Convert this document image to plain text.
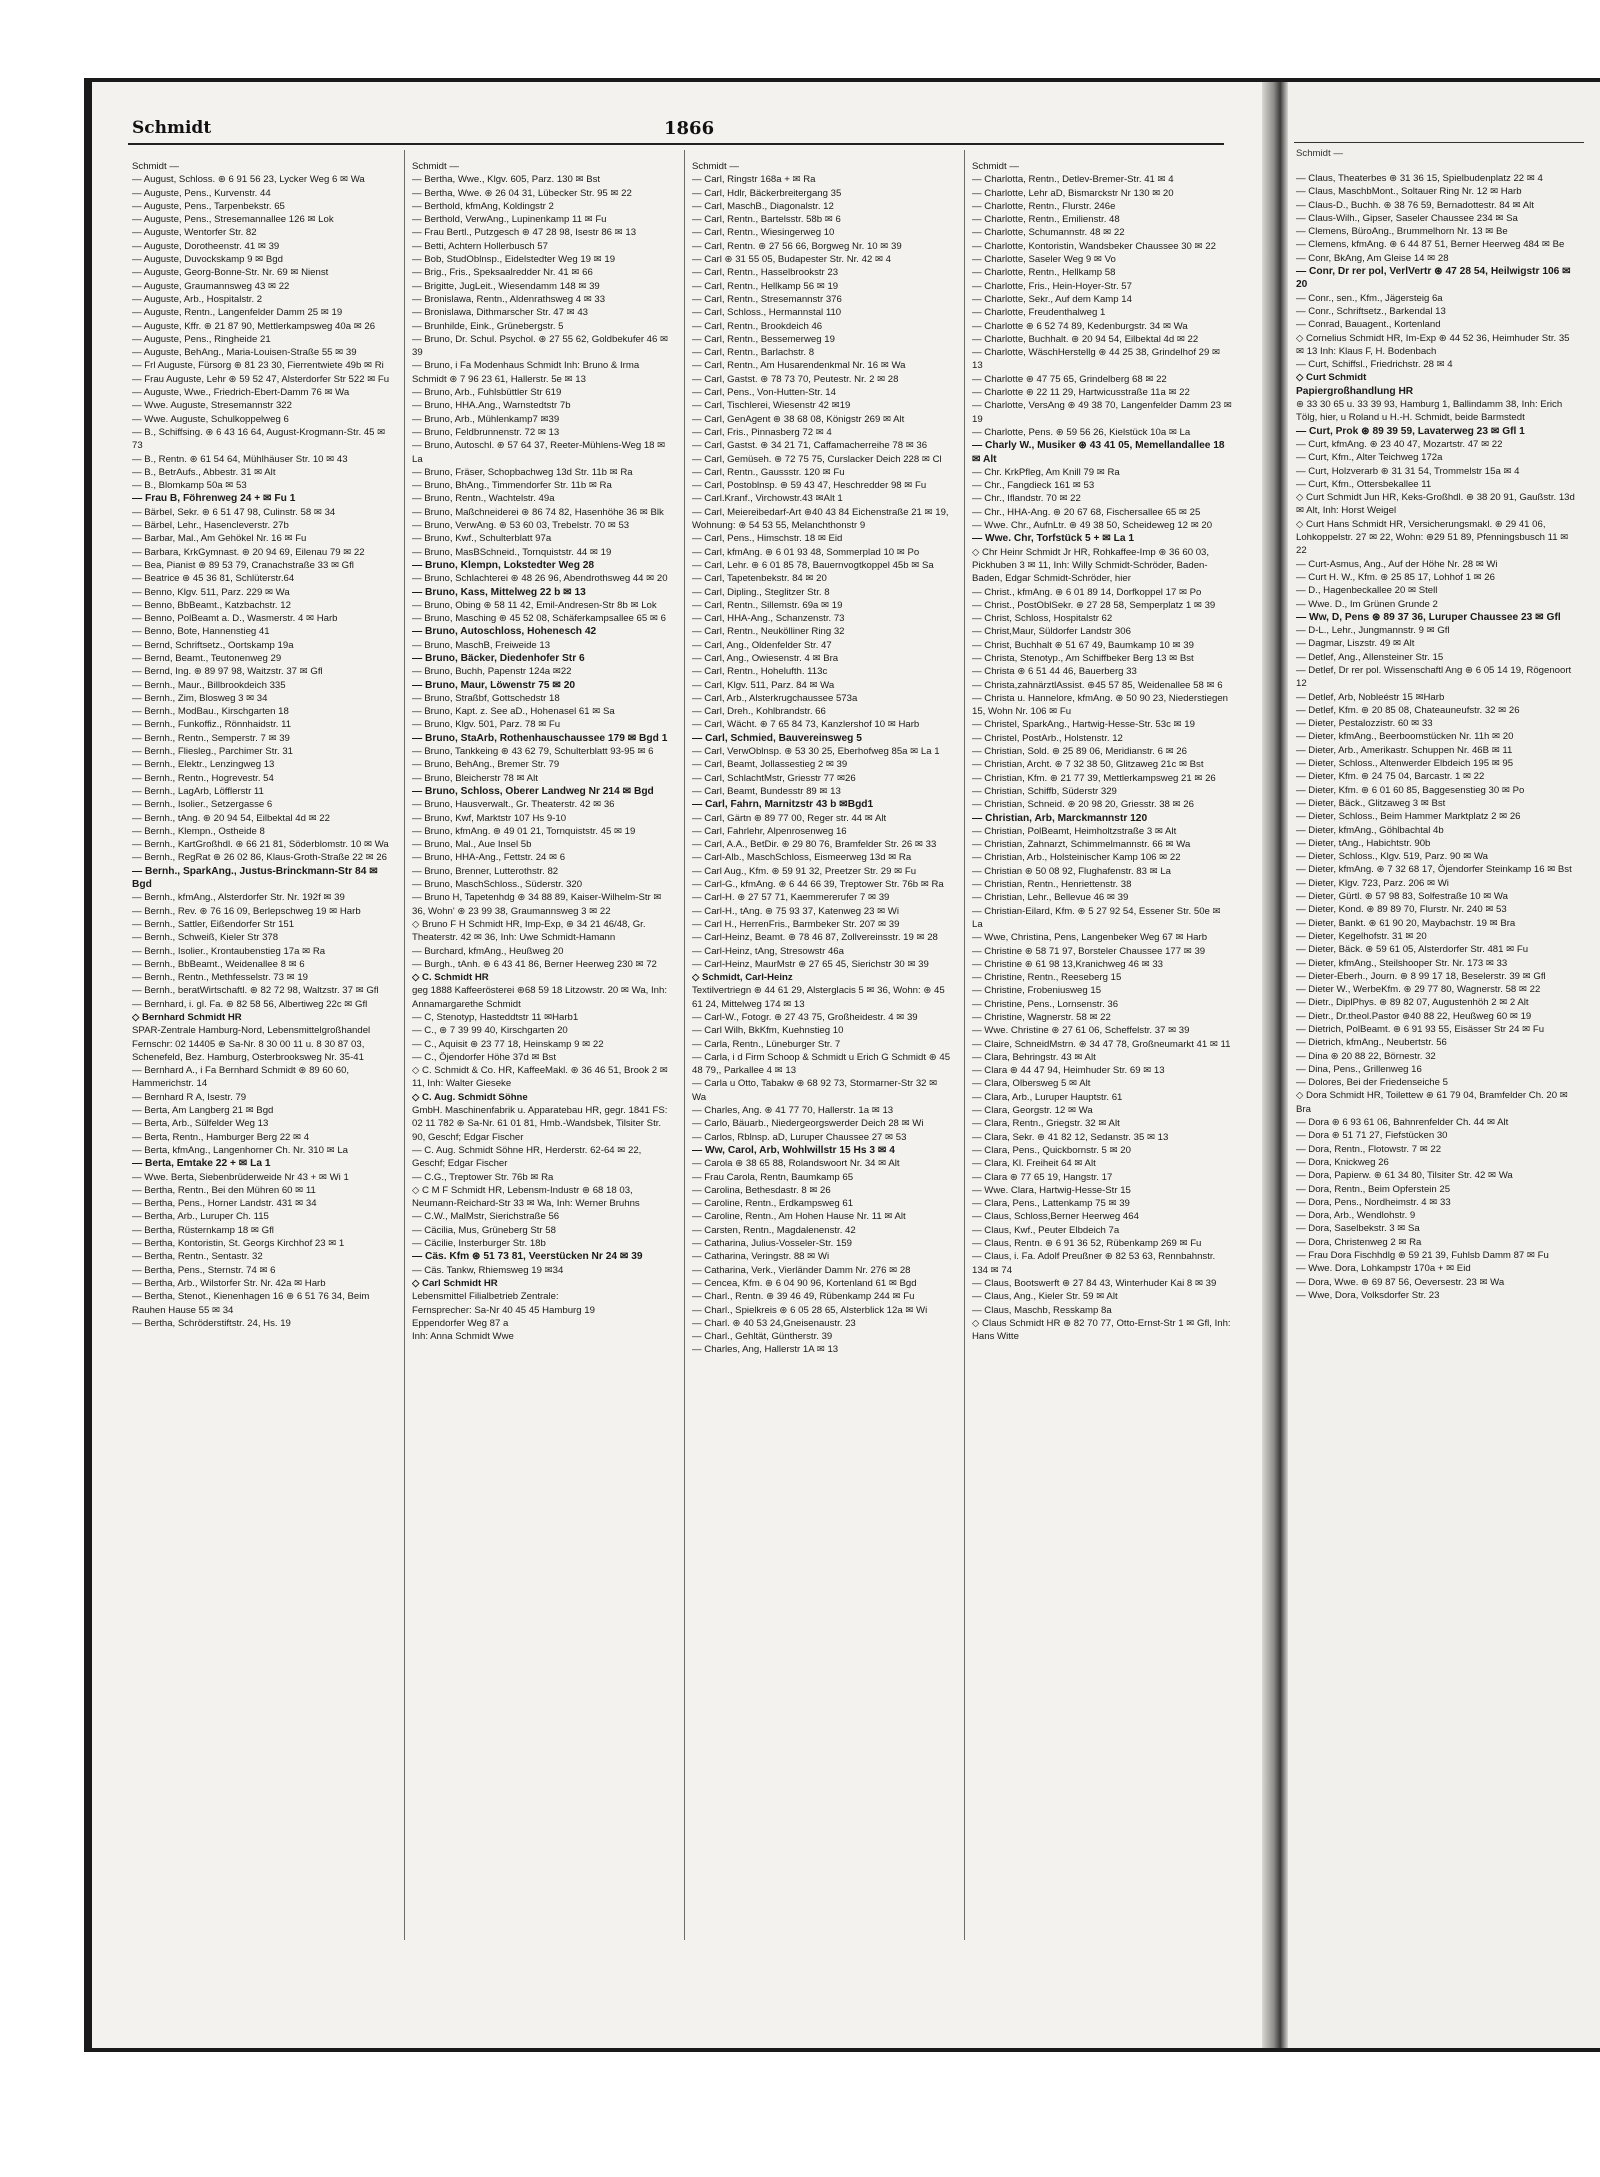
Schmidt	1866
Schmidt —
Schmidt —
— August, Schloss. ⊛ 6 91 56 23, Lycker Weg 6 ✉ Wa
— Auguste, Pens., Kurvenstr. 44
— Auguste, Pens., Tarpenbekstr. 65
— Auguste, Pens., Stresemannallee 126 ✉ Lok
— Auguste, Wentorfer Str. 82
— Auguste, Dorotheenstr. 41 ✉ 39
— Auguste, Duvockskamp 9 ✉ Bgd
— Auguste, Georg-Bonne-Str. Nr. 69 ✉ Nienst
— Auguste, Graumannsweg 43 ✉ 22
— Auguste, Arb., Hospitalstr. 2
— Auguste, Rentn., Langenfelder Damm 25 ✉ 19
— Auguste, Kffr. ⊛ 21 87 90, Mettlerkampsweg 40a ✉ 26
— Auguste, Pens., Ringheide 21
— Auguste, BehAng., Maria-Louisen-Straße 55 ✉ 39
— Frl Auguste, Fürsorg ⊛ 81 23 30, Fierrentwiete 49b ✉ Ri
— Frau Auguste, Lehr ⊛ 59 52 47, Alsterdorfer Str 522 ✉ Fu
— Auguste, Wwe., Friedrich-Ebert-Damm 76 ✉ Wa
— Wwe. Auguste, Stresemannstr 322
— Wwe. Auguste, Schulkoppelweg 6
— B., Schiffsing. ⊛ 6 43 16 64, August-Krogmann-Str. 45 ✉ 73
— B., Rentn. ⊛ 61 54 64, Mühlhäuser Str. 10 ✉ 43
— B., BetrAufs., Abbestr. 31 ✉ Alt
— B., Blomkamp 50a ✉ 53
— Frau B, Föhrenweg 24 + ✉ Fu 1
— Bärbel, Sekr. ⊛ 6 51 47 98, Culinstr. 58 ✉ 34
— Bärbel, Lehr., Hasencleverstr. 27b
— Barbar, Mal., Am Gehökel Nr. 16 ✉ Fu
— Barbara, KrkGymnast. ⊛ 20 94 69, Eilenau 79 ✉ 22
— Bea, Pianist ⊛ 89 53 79, Cranachstraße 33 ✉ Gfl
— Beatrice ⊛ 45 36 81, Schlüterstr.64
— Benno, Klgv. 511, Parz. 229 ✉ Wa
— Benno, BbBeamt., Katzbachstr. 12
— Benno, PolBeamt a. D., Wasmerstr. 4 ✉ Harb
— Benno, Bote, Hannenstieg 41
— Bernd, Schriftsetz., Oortskamp 19a
— Bernd, Beamt., Teutonenweg 29
— Bernd, Ing. ⊛ 89 97 98, Waitzstr. 37 ✉ Gfl
— Bernh., Maur., Billbrookdeich 335
— Bernh., Zim, Blosweg 3 ✉ 34
— Bernh., ModBau., Kirschgarten 18
— Bernh., Funkoffiz., Rönnhaidstr. 11
— Bernh., Rentn., Semperstr. 7 ✉ 39
— Bernh., Fliesleg., Parchimer Str. 31
— Bernh., Elektr., Lenzingweg 13
— Bernh., Rentn., Hogrevestr. 54
— Bernh., LagArb, Löfflerstr 11
— Bernh., Isolier., Setzergasse 6
— Bernh., tAng. ⊛ 20 94 54, Eilbektal 4d ✉ 22
— Bernh., Klempn., Ostheide 8
— Bernh., KartGroßhdl. ⊛ 66 21 81, Söderblomstr. 10 ✉ Wa
— Bernh., RegRat ⊛ 26 02 86, Klaus-Groth-Straße 22 ✉ 26
— Bernh., SparkAng., Justus-Brinckmann-Str 84 ✉ Bgd
— Bernh., kfmAng., Alsterdorfer Str. Nr. 192f ✉ 39
— Bernh., Rev. ⊛ 76 16 09, Berlepschweg 19 ✉ Harb
— Bernh., Sattler, Eißendorfer Str 151
— Bernh., Schweiß, Kieler Str 378
— Bernh., Isolier., Krontaubenstieg 17a ✉ Ra
— Bernh., BbBeamt., Weidenallee 8 ✉ 6
— Bernh., Rentn., Methfesselstr. 73 ✉ 19
— Bernh., beratWirtschaftl. ⊛ 82 72 98, Waltzstr. 37 ✉ Gfl
— Bernhard, i. gl. Fa. ⊛ 82 58 56, Albertiweg 22c ✉ Gfl
◇ Bernhard Schmidt HR
SPAR-Zentrale Hamburg-Nord, Lebensmittelgroßhandel
Fernschr: 02 14405 ⊛ Sa-Nr. 8 30 00 11 u. 8 30 87 03, Schenefeld, Bez. Hamburg, Osterbrooksweg Nr. 35-41
— Bernhard A., i Fa Bernhard Schmidt ⊛ 89 60 60, Hammerichstr. 14
— Bernhard R A, Isestr. 79
— Berta, Am Langberg 21 ✉ Bgd
— Berta, Arb., Sülfelder Weg 13
— Berta, Rentn., Hamburger Berg 22 ✉ 4
— Berta, kfmAng., Langenhorner Ch. Nr. 310 ✉ La
— Berta, Emtake 22 + ✉ La 1
— Wwe. Berta, Siebenbrüderweide Nr 43 + ✉ Wi 1
— Bertha, Rentn., Bei den Mühren 60 ✉ 11
— Bertha, Pens., Horner Landstr. 431 ✉ 34
— Bertha, Arb., Luruper Ch. 115
— Bertha, Rüsternkamp 18 ✉ Gfl
— Bertha, Kontoristin, St. Georgs Kirchhof 23 ✉ 1
— Bertha, Rentn., Sentastr. 32
— Bertha, Pens., Sternstr. 74 ✉ 6
— Bertha, Arb., Wilstorfer Str. Nr. 42a ✉ Harb
— Bertha, Stenot., Kienenhagen 16 ⊛ 6 51 76 34, Beim Rauhen Hause 55 ✉ 34
— Bertha, Schröderstiftstr. 24, Hs. 19
Schmidt —
— Bertha, Wwe., Klgv. 605, Parz. 130 ✉ Bst
— Bertha, Wwe. ⊛ 26 04 31, Lübecker Str. 95 ✉ 22
— Berthold, kfmAng, Koldingstr 2
— Berthold, VerwAng., Lupinenkamp 11 ✉ Fu
— Frau Bertl., Putzgesch ⊛ 47 28 98, Isestr 86 ✉ 13
— Betti, Achtern Hollerbusch 57
— Bob, StudOblnsp., Eidelstedter Weg 19 ✉ 19
— Brig., Fris., Speksaalredder Nr. 41 ✉ 66
— Brigitte, JugLeit., Wiesendamm 148 ✉ 39
— Bronislawa, Rentn., Aldenrathsweg 4 ✉ 33
— Bronislawa, Dithmarscher Str. 47 ✉ 43
— Brunhilde, Eink., Grünebergstr. 5
— Bruno, Dr. Schul. Psychol. ⊛ 27 55 62, Goldbekufer 46 ✉ 39
— Bruno, i Fa Modenhaus Schmidt Inh: Bruno & Irma Schmidt ⊛ 7 96 23 61, Hallerstr. 5e ✉ 13
— Bruno, Arb., Fuhlsbüttler Str 619
— Bruno, HHA.Ang., Warnstedtstr 7b
— Bruno, Arb., Mühlenkamp7 ✉39
— Bruno, Feldbrunnenstr. 72 ✉ 13
— Bruno, Autoschl. ⊛ 57 64 37, Reeter-Mühlens-Weg 18 ✉ La
— Bruno, Fräser, Schopbachweg 13d Str. 11b ✉ Ra
— Bruno, BhAng., Timmendorfer Str. 11b ✉ Ra
— Bruno, Rentn., Wachtelstr. 49a
— Bruno, Maßchneiderei ⊛ 86 74 82, Hasenhöhe 36 ✉ Blk
— Bruno, VerwAng. ⊛ 53 60 03, Trebelstr. 70 ✉ 53
— Bruno, Kwf., Schulterblatt 97a
— Bruno, MasBSchneid., Tornquiststr. 44 ✉ 19
— Bruno, Klempn, Lokstedter Weg 28
— Bruno, Schlachterei ⊛ 48 26 96, Abendrothsweg 44 ✉ 20
— Bruno, Kass, Mittelweg 22 b ✉ 13
— Bruno, Obing ⊛ 58 11 42, Emil-Andresen-Str 8b ✉ Lok
— Bruno, Masching ⊛ 45 52 08, Schäferkampsallee 65 ✉ 6
— Bruno, Autoschloss, Hohenesch 42
— Bruno, MaschB, Freiweide 13
— Bruno, Bäcker, Diedenhofer Str 6
— Bruno, Buchh, Papenstr 124a ✉22
— Bruno, Maur, Löwenstr 75 ✉ 20
— Bruno, Straßbf, Gottschedstr 18
— Bruno, Kapt. z. See aD., Hohenasel 61 ✉ Sa
— Bruno, Klgv. 501, Parz. 78 ✉ Fu
— Bruno, StaArb, Rothenhauschaussee 179 ✉ Bgd 1
— Bruno, Tankkeing ⊛ 43 62 79, Schulterblatt 93-95 ✉ 6
— Bruno, BehAng., Bremer Str. 79
— Bruno, Bleicherstr 78 ✉ Alt
— Bruno, Schloss, Oberer Landweg Nr 214 ✉ Bgd
— Bruno, Hausverwalt., Gr. Theaterstr. 42 ✉ 36
— Bruno, Kwf, Marktstr 107 Hs 9-10
— Bruno, kfmAng. ⊛ 49 01 21, Tornquiststr. 45 ✉ 19
— Bruno, Mal., Aue Insel 5b
— Bruno, HHA-Ang., Fettstr. 24 ✉ 6
— Bruno, Brenner, Lutterothstr. 82
— Bruno, MaschSchloss., Süderstr. 320
— Bruno H, Tapetenhdg ⊛ 34 88 89, Kaiser-Wilhelm-Str ✉ 36, Wohn' ⊛ 23 99 38, Graumannsweg 3 ✉ 22
◇ Bruno F H Schmidt HR, Imp-Exp, ⊛ 34 21 46/48, Gr. Theaterstr. 42 ✉ 36, Inh: Uwe Schmidt-Hamann
— Burchard, kfmAng., Heußweg 20
— Burgh., tAnh. ⊛ 6 43 41 86, Berner Heerweg 230 ✉ 72
◇ C. Schmidt HR
geg 1888 Kaffeerösterei ⊛68 59 18 Litzowstr. 20 ✉ Wa, Inh: Annamargarethe Schmidt
— C, Stenotyp, Hasteddtstr 11 ✉Harb1
— C., ⊛ 7 39 99 40, Kirschgarten 20
— C., Aquisit ⊛ 23 77 18, Heinskamp 9 ✉ 22
— C., Öjendorfer Höhe 37d ✉ Bst
◇ C. Schmidt & Co. HR, KaffeeMakl. ⊛ 36 46 51, Brook 2 ✉ 11, Inh: Walter Gieseke
◇ C. Aug. Schmidt Söhne
GmbH. Maschinenfabrik u. Apparatebau HR, gegr. 1841 FS: 02 11 782 ⊛ Sa-Nr. 61 01 81, Hmb.-Wandsbek, Tilsiter Str. 90, Geschf; Edgar Fischer
— C. Aug. Schmidt Söhne HR, Herderstr. 62-64 ✉ 22, Geschf; Edgar Fischer
— C.G., Treptower Str. 76b ✉ Ra
◇ C M F Schmidt HR, Lebensm-Industr ⊛ 68 18 03, Neumann-Reichard-Str 33 ✉ Wa, Inh: Werner Bruhns
— C.W., MalMstr, Sierichstraße 56
— Cäcilia, Mus, Grüneberg Str 58
— Cäcilie, Insterburger Str. 18b
— Cäs. Kfm ⊛ 51 73 81, Veerstücken Nr 24 ✉ 39
— Cäs. Tankw, Rhiemsweg 19 ✉34
◇ Carl Schmidt HR
Lebensmittel Filialbetrieb Zentrale:
Fernsprecher: Sa-Nr 40 45 45 Hamburg 19
Eppendorfer Weg 87 a
Inh: Anna Schmidt Wwe
Schmidt —
— Carl, Ringstr 168a + ✉ Ra
— Carl, Hdlr, Bäckerbreitergang 35
— Carl, MaschB., Diagonalstr. 12
— Carl, Rentn., Bartelsstr. 58b ✉ 6
— Carl, Rentn., Wiesingerweg 10
— Carl, Rentn. ⊛ 27 56 66, Borgweg Nr. 10 ✉ 39
— Carl ⊛ 31 55 05, Budapester Str. Nr. 42 ✉ 4
— Carl, Rentn., Hasselbrookstr 23
— Carl, Rentn., Hellkamp 56 ✉ 19
— Carl, Rentn., Stresemannstr 376
— Carl, Schloss., Hermannstal 110
— Carl, Rentn., Brookdeich 46
— Carl, Rentn., Bessemerweg 19
— Carl, Rentn., Barlachstr. 8
— Carl, Rentn., Am Husarendenkmal Nr. 16 ✉ Wa
— Carl, Gastst. ⊛ 78 73 70, Peutestr. Nr. 2 ✉ 28
— Carl, Pens., Von-Hutten-Str. 14
— Carl, Tischlerei, Wiesenstr 42 ✉19
— Carl, GenAgent ⊛ 38 68 08, Königstr 269 ✉ Alt
— Carl, Fris., Pinnasberg 72 ✉ 4
— Carl, Gastst. ⊛ 34 21 71, Caffamacherreihe 78 ✉ 36
— Carl, Gemüseh. ⊛ 72 75 75, Curslacker Deich 228 ✉ Cl
— Carl, Rentn., Gaussstr. 120 ✉ Fu
— Carl, Postoblnsp. ⊛ 59 43 47, Heschredder 98 ✉ Fu
— Carl.Kranf., Virchowstr.43 ✉Alt 1
— Carl, Meiereibedarf-Art ⊛40 43 84 Eichenstraße 21 ✉ 19, Wohnung: ⊛ 54 53 55, Melanchthonstr 9
— Carl, Pens., Himschstr. 18 ✉ Eid
— Carl, kfmAng. ⊛ 6 01 93 48, Sommerplad 10 ✉ Po
— Carl, Lehr. ⊛ 6 01 85 78, Bauernvogtkoppel 45b ✉ Sa
— Carl, Tapetenbekstr. 84 ✉ 20
— Carl, Dipling., Steglitzer Str. 8
— Carl, Rentn., Sillemstr. 69a ✉ 19
— Carl, HHA-Ang., Schanzenstr. 73
— Carl, Rentn., Neukölliner Ring 32
— Carl, Ang., Oldenfelder Str. 47
— Carl, Ang., Owiesenstr. 4 ✉ Bra
— Carl, Rentn., Hohelufth. 113c
— Carl, Klgv. 511, Parz. 84 ✉ Wa
— Carl, Arb., Alsterkrugchaussee 573a
— Carl, Dreh., Kohlbrandstr. 66
— Carl, Wächt. ⊛ 7 65 84 73, Kanzlershof 10 ✉ Harb
— Carl, Schmied, Bauvereinsweg 5
— Carl, VerwOblnsp. ⊛ 53 30 25, Eberhofweg 85a ✉ La 1
— Carl, Beamt, Jollassestieg 2 ✉ 39
— Carl, SchlachtMstr, Griesstr 77 ✉26
— Carl, Beamt, Bundesstr 89 ✉ 13
— Carl, Fahrn, Marnitzstr 43 b ✉Bgd1
— Carl, Gärtn ⊛ 89 77 00, Reger str. 44 ✉ Alt
— Carl, Fahrlehr, Alpenrosenweg 16
— Carl, A.A., BetDir. ⊛ 29 80 76, Bramfelder Str. 26 ✉ 33
— Carl-Alb., MaschSchloss, Eismeerweg 13d ✉ Ra
— Carl Aug., Kfm. ⊛ 59 91 32, Preetzer Str. 29 ✉ Fu
— Carl-G., kfmAng. ⊛ 6 44 66 39, Treptower Str. 76b ✉ Ra
— Carl-H. ⊛ 27 57 71, Kaemmererufer 7 ✉ 39
— Carl-H., tAng. ⊛ 75 93 37, Katenweg 23 ✉ Wi
— Carl H., HerrenFris., Barmbeker Str. 207 ✉ 39
— Carl-Heinz, Beamt. ⊛ 78 46 87, Zollvereinsstr. 19 ✉ 28
— Carl-Heinz, tAng, Stresowstr 46a
— Carl-Heinz, MaurMstr ⊛ 27 65 45, Sierichstr 30 ✉ 39
◇ Schmidt, Carl-Heinz
Textilvertriegn ⊛ 44 61 29, Alsterglacis 5 ✉ 36, Wohn: ⊛ 45 61 24, Mittelweg 174 ✉ 13
— Carl-W., Fotogr. ⊛ 27 43 75, Großheidestr. 4 ✉ 39
— Carl Wilh, BkKfm, Kuehnstieg 10
— Carla, Rentn., Lüneburger Str. 7
— Carla, i d Firm Schoop & Schmidt u Erich G Schmidt ⊛ 45 48 79,, Parkallee 4 ✉ 13
— Carla u Otto, Tabakw ⊛ 68 92 73, Stormarner-Str 32 ✉ Wa
— Charles, Ang. ⊛ 41 77 70, Hallerstr. 1a ✉ 13
— Carlo, Bäuarb., Niedergeorgswerder Deich 28 ✉ Wi
— Carlos, Rblnsp. aD, Luruper Chaussee 27 ✉ 53
— Ww, Carol, Arb, Wohlwillstr 15 Hs 3 ✉ 4
— Carola ⊛ 38 65 88, Rolandswoort Nr. 34 ✉ Alt
— Frau Carola, Rentn, Baumkamp 65
— Carolina, Bethesdastr. 8 ✉ 26
— Caroline, Rentn., Erdkampsweg 61
— Caroline, Rentn., Am Hohen Hause Nr. 11 ✉ Alt
— Carsten, Rentn., Magdalenenstr. 42
— Catharina, Julius-Vosseler-Str. 159
— Catharina, Veringstr. 88 ✉ Wi
— Catharina, Verk., Vierländer Damm Nr. 276 ✉ 28
— Cencea, Kfm. ⊛ 6 04 90 96, Kortenland 61 ✉ Bgd
— Charl., Rentn. ⊛ 39 46 49, Rübenkamp 244 ✉ Fu
— Charl., Spielkreis ⊛ 6 05 28 65, Alsterblick 12a ✉ Wi
— Charl. ⊛ 40 53 24,Gneisenaustr. 23
— Charl., Gehltät, Güntherstr. 39
— Charles, Ang, Hallerstr 1A ✉ 13
Schmidt —
— Charlotta, Rentn., Detlev-Bremer-Str. 41 ✉ 4
— Charlotte, Lehr aD, Bismarckstr Nr 130 ✉ 20
— Charlotte, Rentn., Flurstr. 246e
— Charlotte, Rentn., Emilienstr. 48
— Charlotte, Schumannstr. 48 ✉ 22
— Charlotte, Kontoristin, Wandsbeker Chaussee 30 ✉ 22
— Charlotte, Saseler Weg 9 ✉ Vo
— Charlotte, Rentn., Hellkamp 58
— Charlotte, Fris., Hein-Hoyer-Str. 57
— Charlotte, Sekr., Auf dem Kamp 14
— Charlotte, Freudenthalweg 1
— Charlotte ⊛ 6 52 74 89, Kedenburgstr. 34 ✉ Wa
— Charlotte, Buchhalt. ⊛ 20 94 54, Eilbektal 4d ✉ 22
— Charlotte, WäschHerstellg ⊛ 44 25 38, Grindelhof 29 ✉ 13
— Charlotte ⊛ 47 75 65, Grindelberg 68 ✉ 22
— Charlotte ⊛ 22 11 29, Hartwicusstraße 11a ✉ 22
— Charlotte, VersAng ⊛ 49 38 70, Langenfelder Damm 23 ✉ 19
— Charlotte, Pens. ⊛ 59 56 26, Kielstück 10a ✉ La
— Charly W., Musiker ⊛ 43 41 05, Memellandallee 18 ✉ Alt
— Chr. KrkPfleg, Am Knill 79 ✉ Ra
— Chr., Fangdieck 161 ✉ 53
— Chr., Iflandstr. 70 ✉ 22
— Chr., HHA-Ang. ⊛ 20 67 68, Fischersallee 65 ✉ 25
— Wwe. Chr., AufnLtr. ⊛ 49 38 50, Scheideweg 12 ✉ 20
— Wwe. Chr, Torfstück 5 + ✉ La 1
◇ Chr Heinr Schmidt Jr HR, Rohkaffee-Imp ⊛ 36 60 03, Pickhuben 3 ✉ 11, Inh: Willy Schmidt-Schröder, Baden-Baden, Edgar Schmidt-Schröder, hier
— Christ., kfmAng. ⊛ 6 01 89 14, Dorfkoppel 17 ✉ Po
— Christ., PostOblSekr. ⊛ 27 28 58, Semperplatz 1 ✉ 39
— Christ, Schloss, Hospitalstr 62
— Christ,Maur, Süldorfer Landstr 306
— Christ, Buchhalt ⊛ 51 67 49, Baumkamp 10 ✉ 39
— Christa, Stenotyp., Am Schiffbeker Berg 13 ✉ Bst
— Christa ⊛ 6 51 44 46, Bauerberg 33
— Christa,zahnärztlAssist. ⊛45 57 85, Weidenallee 58 ✉ 6
— Christa u. Hannelore, kfmAng. ⊛ 50 90 23, Niederstiegen 15, Wohn Nr. 106 ✉ Fu
— Christel, SparkAng., Hartwig-Hesse-Str. 53c ✉ 19
— Christel, PostArb., Holstenstr. 12
— Christian, Sold. ⊛ 25 89 06, Meridianstr. 6 ✉ 26
— Christian, Archt. ⊛ 7 32 38 50, Glitzaweg 21c ✉ Bst
— Christian, Kfm. ⊛ 21 77 39, Mettlerkampsweg 21 ✉ 26
— Christian, Schiffb, Süderstr 329
— Christian, Schneid. ⊛ 20 98 20, Griesstr. 38 ✉ 26
— Christian, Arb, Marckmannstr 120
— Christian, PolBeamt, Heimholtzstraße 3 ✉ Alt
— Christian, Zahnarzt, Schimmelmannstr. 66 ✉ Wa
— Christian, Arb., Holsteinischer Kamp 106 ✉ 22
— Christian ⊛ 50 08 92, Flughafenstr. 83 ✉ La
— Christian, Rentn., Henriettenstr. 38
— Christian, Lehr., Bellevue 46 ✉ 39
— Christian-Eilard, Kfm. ⊛ 5 27 92 54, Essener Str. 50e ✉ La
— Wwe, Christina, Pens, Langenbeker Weg 67 ✉ Harb
— Christine ⊛ 58 71 97, Borsteler Chaussee 177 ✉ 39
— Christine ⊛ 61 98 13,Kranichweg 46 ✉ 33
— Christine, Rentn., Reeseberg 15
— Christine, Frobeniusweg 15
— Christine, Pens., Lornsenstr. 36
— Christine, Wagnerstr. 58 ✉ 22
— Wwe. Christine ⊛ 27 61 06, Scheffelstr. 37 ✉ 39
— Claire, SchneidMstrn. ⊛ 34 47 78, Großneumarkt 41 ✉ 11
— Clara, Behringstr. 43 ✉ Alt
— Clara ⊛ 44 47 94, Heimhuder Str. 69 ✉ 13
— Clara, Olbersweg 5 ✉ Alt
— Clara, Arb., Luruper Hauptstr. 61
— Clara, Georgstr. 12 ✉ Wa
— Clara, Rentn., Griegstr. 32 ✉ Alt
— Clara, Sekr. ⊛ 41 82 12, Sedanstr. 35 ✉ 13
— Clara, Pens., Quickbornstr. 5 ✉ 20
— Clara, Kl. Freiheit 64 ✉ Alt
— Clara ⊛ 77 65 19, Hangstr. 17
— Wwe. Clara, Hartwig-Hesse-Str 15
— Clara, Pens., Lattenkamp 75 ✉ 39
— Claus, Schloss,Berner Heerweg 464
— Claus, Kwf., Peuter Elbdeich 7a
— Claus, Rentn. ⊛ 6 91 36 52, Rübenkamp 269 ✉ Fu
— Claus, i. Fa. Adolf Preußner ⊛ 82 53 63, Rennbahnstr. 134 ✉ 74
— Claus, Bootswerft ⊛ 27 84 43, Winterhuder Kai 8 ✉ 39
— Claus, Ang., Kieler Str. 59 ✉ Alt
— Claus, Maschb, Resskamp 8a
◇ Claus Schmidt HR ⊛ 82 70 77, Otto-Ernst-Str 1 ✉ Gfl, Inh: Hans Witte
— Claus, Theaterbes ⊛ 31 36 15, Spielbudenplatz 22 ✉ 4
— Claus, MaschbMont., Soltauer Ring Nr. 12 ✉ Harb
— Claus-D., Buchh. ⊛ 38 76 59, Bernadottestr. 84 ✉ Alt
— Claus-Wilh., Gipser, Saseler Chaussee 234 ✉ Sa
— Clemens, BüroAng., Brummelhorn Nr. 13 ✉ Be
— Clemens, kfmAng. ⊛ 6 44 87 51, Berner Heerweg 484 ✉ Be
— Conr, BkAng, Am Gleise 14 ✉ 28
— Conr, Dr rer pol, VerlVertr ⊛ 47 28 54, Heilwigstr 106 ✉ 20
— Conr., sen., Kfm., Jägersteig 6a
— Conr., Schriftsetz., Barkendal 13
— Conrad, Bauagent., Kortenland
◇ Cornelius Schmidt HR, Im-Exp ⊛ 44 52 36, Heimhuder Str. 35 ✉ 13 Inh: Klaus F, H. Bodenbach
— Curt, Schiffsl., Friedrichstr. 28 ✉ 4
◇ Curt Schmidt
Papiergroßhandlung HR
⊛ 33 30 65 u. 33 39 93, Hamburg 1, Ballindamm 38, Inh: Erich Tölg, hier, u Roland u H.-H. Schmidt, beide Barmstedt
— Curt, Prok ⊛ 89 39 59, Lavaterweg 23 ✉ Gfl 1
— Curt, kfmAng. ⊛ 23 40 47, Mozartstr. 47 ✉ 22
— Curt, Kfm., Alter Teichweg 172a
— Curt, Holzverarb ⊛ 31 31 54, Trommelstr 15a ✉ 4
— Curt, Kfm., Ottersbekallee 11
◇ Curt Schmidt Jun HR, Keks-Großhdl. ⊛ 38 20 91, Gaußstr. 13d ✉ Alt, Inh: Horst Weigel
◇ Curt Hans Schmidt HR, Versicherungsmakl. ⊛ 29 41 06, Lohkoppelstr. 27 ✉ 22, Wohn: ⊛29 51 89, Pfenningsbusch 11 ✉ 22
— Curt-Asmus, Ang., Auf der Höhe Nr. 28 ✉ Wi
— Curt H. W., Kfm. ⊛ 25 85 17, Lohhof 1 ✉ 26
— D., Hagenbeckallee 20 ✉ Stell
— Wwe. D., Im Grünen Grunde 2
— Ww, D, Pens ⊛ 89 37 36, Luruper Chaussee 23 ✉ Gfl
— D-L., Lehr., Jungmannstr. 9 ✉ Gfl
— Dagmar, Liszstr. 49 ✉ Alt
— Detlef, Ang., Allensteiner Str. 15
— Detlef, Dr rer pol. Wissenschaftl Ang ⊛ 6 05 14 19, Rögenoort 12
— Detlef, Arb, Nobleéstr 15 ✉Harb
— Detlef, Kfm. ⊛ 20 85 08, Chateauneufstr. 32 ✉ 26
— Dieter, Pestalozzistr. 60 ✉ 33
— Dieter, kfmAng., Beerboomstücken Nr. 11h ✉ 20
— Dieter, Arb., Amerikastr. Schuppen Nr. 46B ✉ 11
— Dieter, Schloss., Altenwerder Elbdeich 195 ✉ 95
— Dieter, Kfm. ⊛ 24 75 04, Barcastr. 1 ✉ 22
— Dieter, Kfm. ⊛ 6 01 60 85, Baggesenstieg 30 ✉ Po
— Dieter, Bäck., Glitzaweg 3 ✉ Bst
— Dieter, Schloss., Beim Hammer Marktplatz 2 ✉ 26
— Dieter, kfmAng., Göhlbachtal 4b
— Dieter, tAng., Habichtstr. 90b
— Dieter, Schloss., Klgv. 519, Parz. 90 ✉ Wa
— Dieter, kfmAng. ⊛ 7 32 68 17, Öjendorfer Steinkamp 16 ✉ Bst
— Dieter, Klgv. 723, Parz. 206 ✉ Wi
— Dieter, Gürtl. ⊛ 57 98 83, Solfestraße 10 ✉ Wa
— Dieter, Kond. ⊛ 89 89 70, Flurstr. Nr. 240 ✉ 53
— Dieter, Bankt. ⊛ 61 90 20, Maybachstr. 19 ✉ Bra
— Dieter, Kegelhofstr. 31 ✉ 20
— Dieter, Bäck. ⊛ 59 61 05, Alsterdorfer Str. 481 ✉ Fu
— Dieter, kfmAng., Steilshooper Str. Nr. 173 ✉ 33
— Dieter-Eberh., Journ. ⊛ 8 99 17 18, Beselerstr. 39 ✉ Gfl
— Dieter W., WerbeKfm. ⊛ 29 77 80, Wagnerstr. 58 ✉ 22
— Dietr., DiplPhys. ⊛ 89 82 07, Augustenhöh 2 ✉ 2 Alt
— Dietr., Dr.theol.Pastor ⊛40 88 22, Heußweg 60 ✉ 19
— Dietrich, PolBeamt. ⊛ 6 91 93 55, Eisässer Str 24 ✉ Fu
— Dietrich, kfmAng., Neubertstr. 56
— Dina ⊛ 20 88 22, Börnestr. 32
— Dina, Pens., Grillenweg 16
— Dolores, Bei der Friedenseiche 5
◇ Dora Schmidt HR, Toilettew ⊛ 61 79 04, Bramfelder Ch. 20 ✉ Bra
— Dora ⊛ 6 93 61 06, Bahnrenfelder Ch. 44 ✉ Alt
— Dora ⊛ 51 71 27, Fiefstücken 30
— Dora, Rentn., Flotowstr. 7 ✉ 22
— Dora, Knickweg 26
— Dora, Papierw. ⊛ 61 34 80, Tilsiter Str. 42 ✉ Wa
— Dora, Rentn., Beim Opferstein 25
— Dora, Pens., Nordheimstr. 4 ✉ 33
— Dora, Arb., Wendlohstr. 9
— Dora, Saselbekstr. 3 ✉ Sa
— Dora, Christenweg 2 ✉ Ra
— Frau Dora Fischhdlg ⊛ 59 21 39, Fuhlsb Damm 87 ✉ Fu
— Wwe. Dora, Lohkampstr 170a + ✉ Eid
— Dora, Wwe. ⊛ 69 87 56, Oeversestr. 23 ✉ Wa
— Wwe, Dora, Volksdorfer Str. 23
